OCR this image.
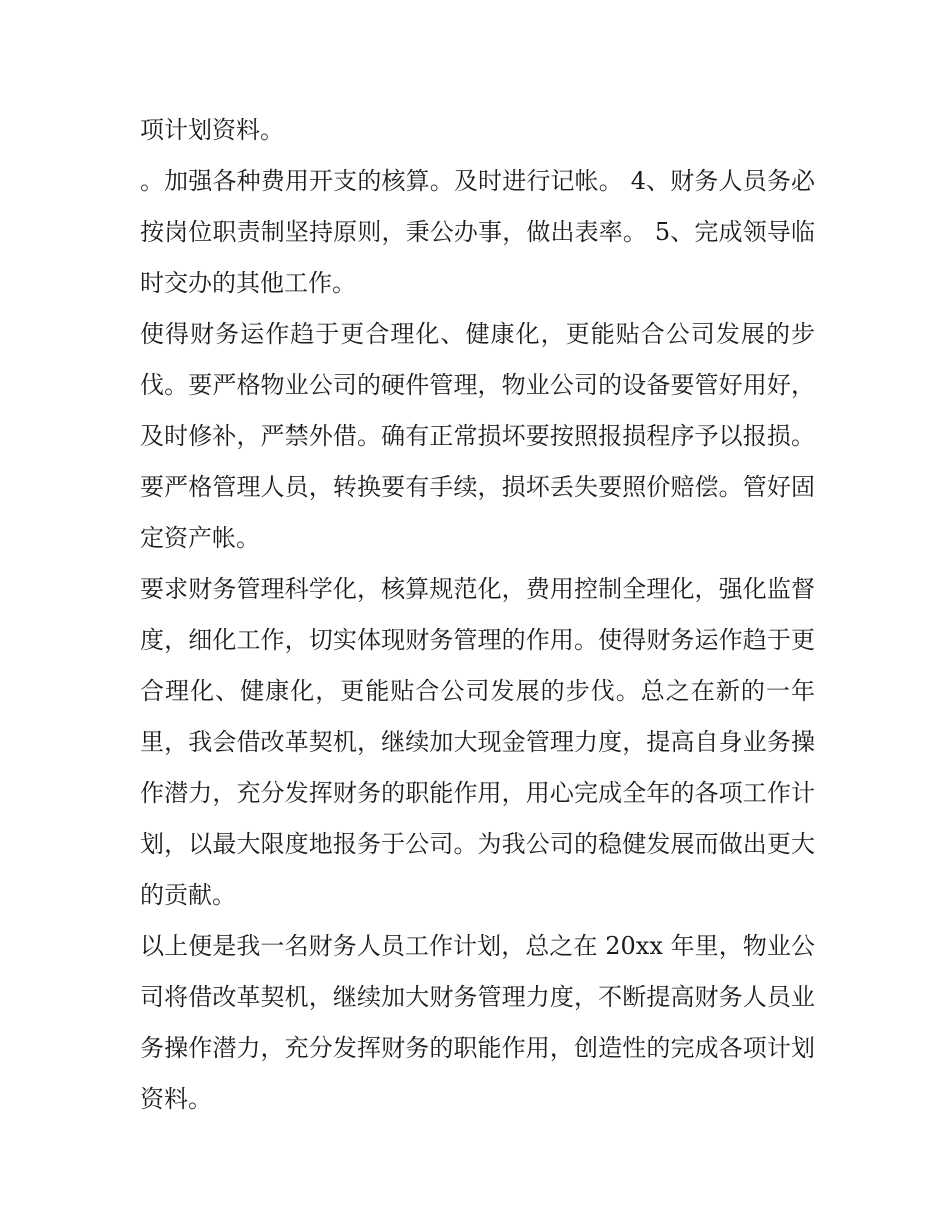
项计划资料。

。加强各种费用开支的核算。及时进行记帐。 4、财务人员务必按岗位职责制坚持原则，秉公办事，做出表率。 5、完成领导临时交办的其他工作。

使得财务运作趋于更合理化、健康化，更能贴合公司发展的步伐。要严格物业公司的硬件管理，物业公司的设备要管好用好，及时修补，严禁外借。确有正常损坏要按照报损程序予以报损。要严格管理人员，转换要有手续，损坏丢失要照价赔偿。管好固定资产帐。

要求财务管理科学化，核算规范化，费用控制全理化，强化监督度，细化工作，切实体现财务管理的作用。使得财务运作趋于更合理化、健康化，更能贴合公司发展的步伐。总之在新的一年里，我会借改革契机，继续加大现金管理力度，提高自身业务操作潜力，充分发挥财务的职能作用，用心完成全年的各项工作计划，以最大限度地报务于公司。为我公司的稳健发展而做出更大的贡献。

以上便是我一名财务人员工作计划，总之在 20xx 年里，物业公司将借改革契机，继续加大财务管理力度，不断提高财务人员业务操作潜力，充分发挥财务的职能作用，创造性的完成各项计划资料。
